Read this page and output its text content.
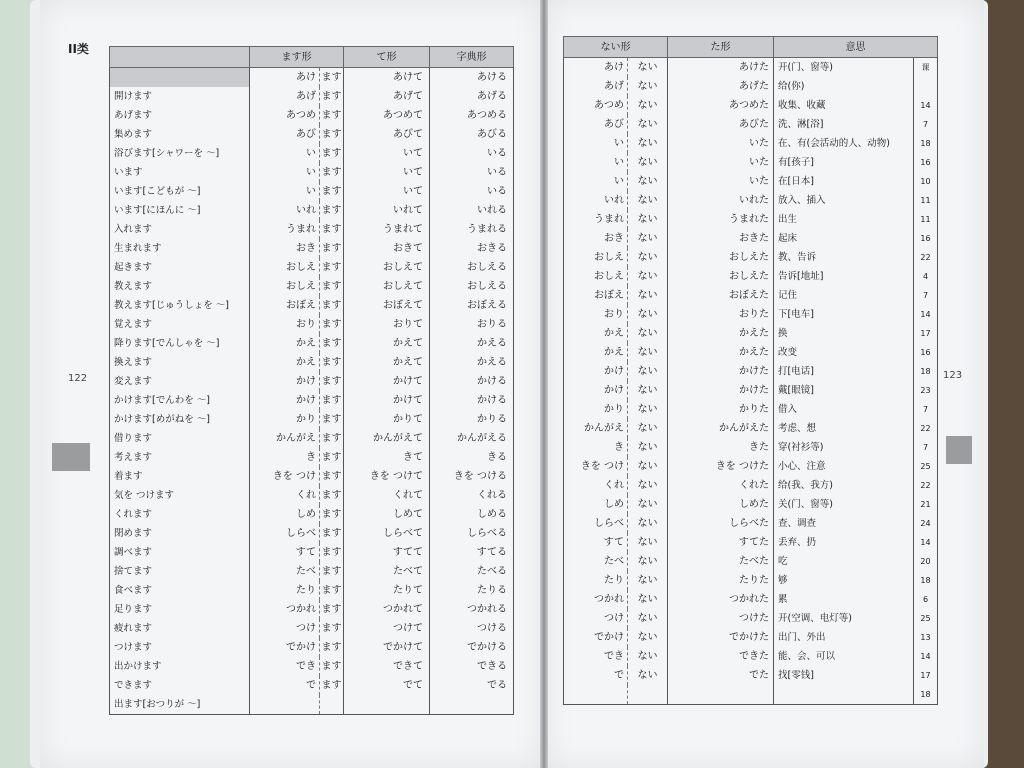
II类
122	123
	ます形		て形	字典形
	あけ	ます	あけて	あける
開けます	あげ	ます	あげて	あげる
あげます	あつめ	ます	あつめて	あつめる
集めます	あび	ます	あびて	あびる
浴びます[シャワーを ～]	い	ます	いて	いる
います	い	ます	いて	いる
います[こどもが ～]	い	ます	いて	いる
います[にほんに ～]	いれ	ます	いれて	いれる
入れます	うまれ	ます	うまれて	うまれる
生まれます	おき	ます	おきて	おきる
起きます	おしえ	ます	おしえて	おしえる
教えます	おしえ	ます	おしえて	おしえる
教えます[じゅうしょを ～]	おぼえ	ます	おぼえて	おぼえる
覚えます	おり	ます	おりて	おりる
降ります[でんしゃを ～]	かえ	ます	かえて	かえる
換えます	かえ	ます	かえて	かえる
変えます	かけ	ます	かけて	かける
かけます[でんわを ～]	かけ	ます	かけて	かける
かけます[めがねを ～]	かり	ます	かりて	かりる
借ります	かんがえ	ます	かんがえて	かんがえる
考えます	き	ます	きて	きる
着ます	きを つけ	ます	きを つけて	きを つける
気を つけます	くれ	ます	くれて	くれる
くれます	しめ	ます	しめて	しめる
閉めます	しらべ	ます	しらべて	しらべる
調べます	すて	ます	すてて	すてる
捨てます	たべ	ます	たべて	たべる
食べます	たり	ます	たりて	たりる
足ります	つかれ	ます	つかれて	つかれる
疲れます	つけ	ます	つけて	つける
つけます	でかけ	ます	でかけて	でかける
出かけます	でき	ます	できて	できる
できます	で	ます	でて	でる
出ます[おつりが ～]				
ない形		た形	意思	
あけ	ない	あけた	开(门、窗等)	课
あげ	ない	あげた	给(你)	
あつめ	ない	あつめた	收集、收藏	14
あび	ない	あびた	洗、淋[浴]	7
い	ない	いた	在、有(会活动的人、动物)	18
い	ない	いた	有[孩子]	16
い	ない	いた	在[日本]	10
いれ	ない	いれた	放入、插入	11
うまれ	ない	うまれた	出生	11
おき	ない	おきた	起床	16
おしえ	ない	おしえた	教、告诉	22
おしえ	ない	おしえた	告诉[地址]	4
おぼえ	ない	おぼえた	记住	7
おり	ない	おりた	下[电车]	14
かえ	ない	かえた	换	17
かえ	ない	かえた	改变	16
かけ	ない	かけた	打[电话]	18
かけ	ない	かけた	戴[眼镜]	23
かり	ない	かりた	借入	7
かんがえ	ない	かんがえた	考虑、想	22
き	ない	きた	穿(衬衫等)	7
きを つけ	ない	きを つけた	小心、注意	25
くれ	ない	くれた	给(我、我方)	22
しめ	ない	しめた	关(门、窗等)	21
しらべ	ない	しらべた	查、调查	24
すて	ない	すてた	丢弃、扔	14
たべ	ない	たべた	吃	20
たり	ない	たりた	够	18
つかれ	ない	つかれた	累	6
つけ	ない	つけた	开(空调、电灯等)	25
でかけ	ない	でかけた	出门、外出	13
でき	ない	できた	能、会、可以	14
で	ない	でた	找[零钱]	17
				18
